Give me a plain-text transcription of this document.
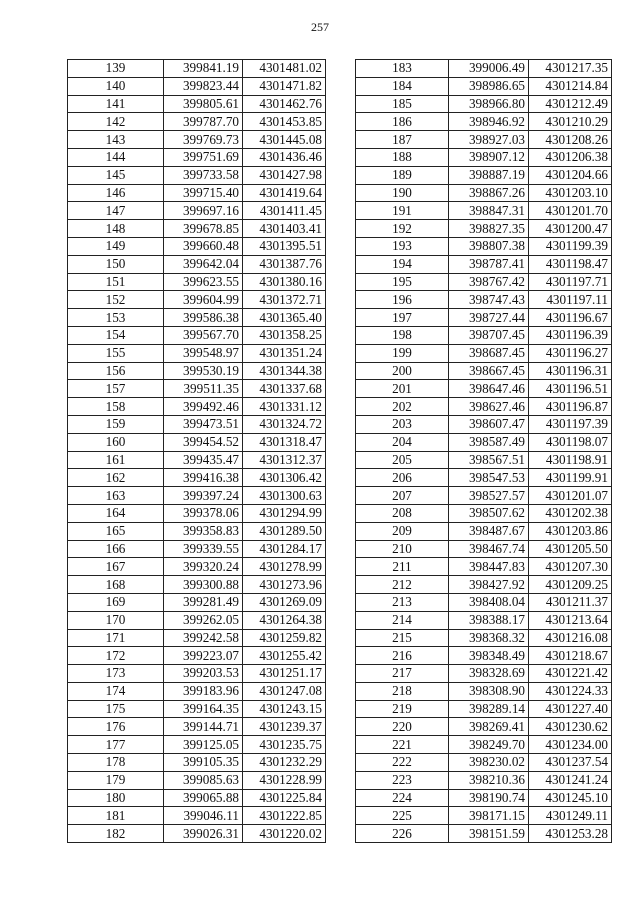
257
139	399841.19	4301481.02
140	399823.44	4301471.82
141	399805.61	4301462.76
142	399787.70	4301453.85
143	399769.73	4301445.08
144	399751.69	4301436.46
145	399733.58	4301427.98
146	399715.40	4301419.64
147	399697.16	4301411.45
148	399678.85	4301403.41
149	399660.48	4301395.51
150	399642.04	4301387.76
151	399623.55	4301380.16
152	399604.99	4301372.71
153	399586.38	4301365.40
154	399567.70	4301358.25
155	399548.97	4301351.24
156	399530.19	4301344.38
157	399511.35	4301337.68
158	399492.46	4301331.12
159	399473.51	4301324.72
160	399454.52	4301318.47
161	399435.47	4301312.37
162	399416.38	4301306.42
163	399397.24	4301300.63
164	399378.06	4301294.99
165	399358.83	4301289.50
166	399339.55	4301284.17
167	399320.24	4301278.99
168	399300.88	4301273.96
169	399281.49	4301269.09
170	399262.05	4301264.38
171	399242.58	4301259.82
172	399223.07	4301255.42
173	399203.53	4301251.17
174	399183.96	4301247.08
175	399164.35	4301243.15
176	399144.71	4301239.37
177	399125.05	4301235.75
178	399105.35	4301232.29
179	399085.63	4301228.99
180	399065.88	4301225.84
181	399046.11	4301222.85
182	399026.31	4301220.02
183	399006.49	4301217.35
184	398986.65	4301214.84
185	398966.80	4301212.49
186	398946.92	4301210.29
187	398927.03	4301208.26
188	398907.12	4301206.38
189	398887.19	4301204.66
190	398867.26	4301203.10
191	398847.31	4301201.70
192	398827.35	4301200.47
193	398807.38	4301199.39
194	398787.41	4301198.47
195	398767.42	4301197.71
196	398747.43	4301197.11
197	398727.44	4301196.67
198	398707.45	4301196.39
199	398687.45	4301196.27
200	398667.45	4301196.31
201	398647.46	4301196.51
202	398627.46	4301196.87
203	398607.47	4301197.39
204	398587.49	4301198.07
205	398567.51	4301198.91
206	398547.53	4301199.91
207	398527.57	4301201.07
208	398507.62	4301202.38
209	398487.67	4301203.86
210	398467.74	4301205.50
211	398447.83	4301207.30
212	398427.92	4301209.25
213	398408.04	4301211.37
214	398388.17	4301213.64
215	398368.32	4301216.08
216	398348.49	4301218.67
217	398328.69	4301221.42
218	398308.90	4301224.33
219	398289.14	4301227.40
220	398269.41	4301230.62
221	398249.70	4301234.00
222	398230.02	4301237.54
223	398210.36	4301241.24
224	398190.74	4301245.10
225	398171.15	4301249.11
226	398151.59	4301253.28
